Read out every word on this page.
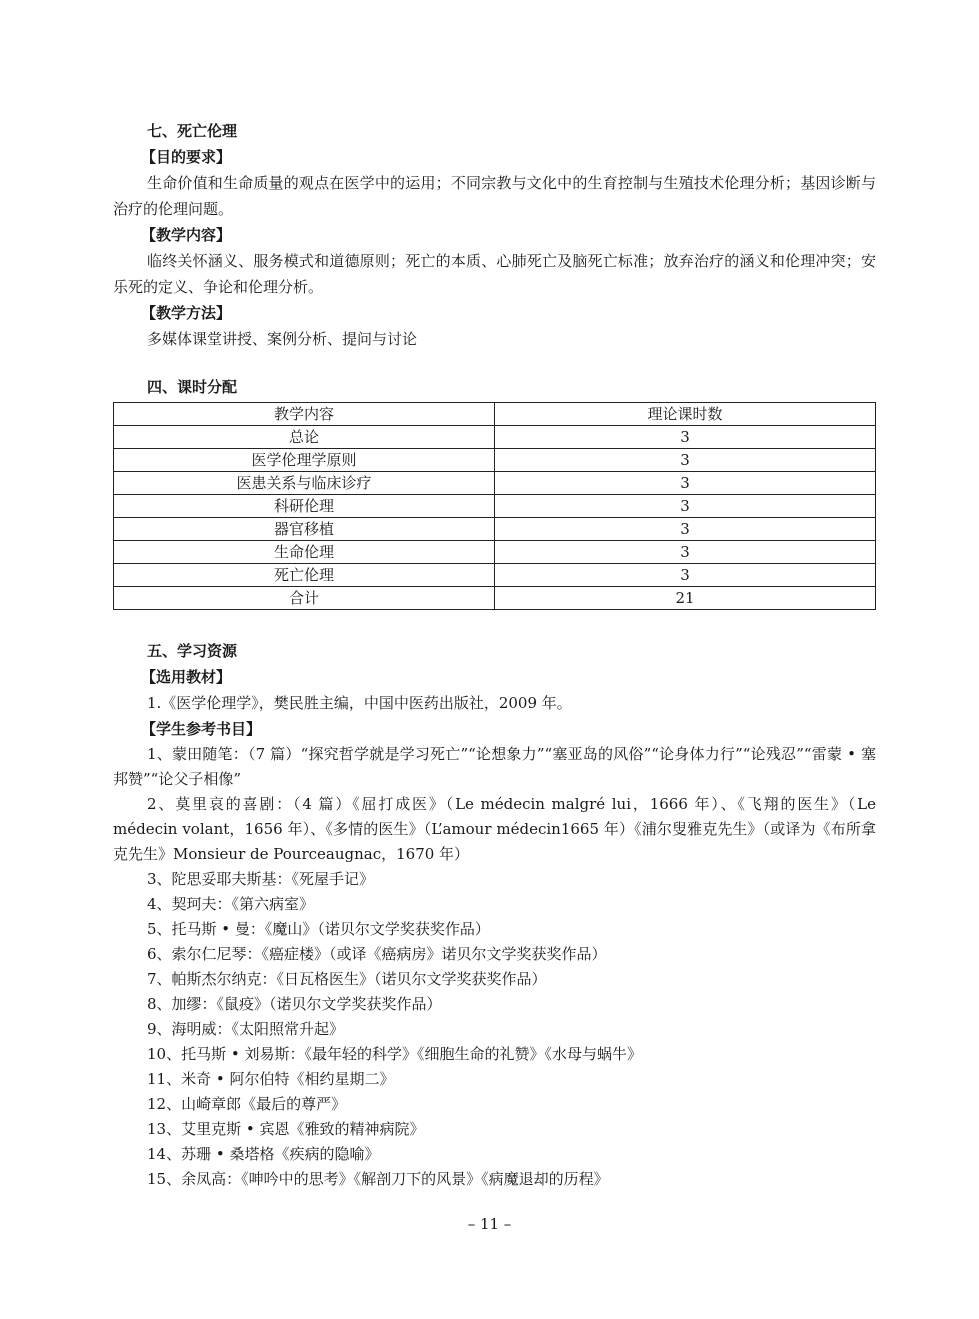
七、死亡伦理
【目的要求】
生命价值和生命质量的观点在医学中的运用；不同宗教与文化中的生育控制与生殖技术伦理分析；基因诊断与治疗的伦理问题。
【教学内容】
临终关怀涵义、服务模式和道德原则；死亡的本质、心肺死亡及脑死亡标准；放弃治疗的涵义和伦理冲突；安乐死的定义、争论和伦理分析。
【教学方法】
多媒体课堂讲授、案例分析、提问与讨论
四、课时分配
教学内容	理论课时数
总论	3
医学伦理学原则	3
医患关系与临床诊疗	3
科研伦理	3
器官移植	3
生命伦理	3
死亡伦理	3
合计	21
五、学习资源
【选用教材】
1.《医学伦理学》，樊民胜主编，中国中医药出版社，2009 年。
【学生参考书目】
1、蒙田随笔：（7 篇）“探究哲学就是学习死亡”“论想象力”“塞亚岛的风俗”“论身体力行”“论残忍”“雷蒙 • 塞邦赞”“论父子相像”
2、莫里哀的喜剧：（4 篇）《屈打成医》（Le médecin malgré lui，1666 年）、《飞翔的医生》（Le médecin volant，1656 年）、《多情的医生》（L’amour médecin1665 年）《浦尔叟雅克先生》（或译为《布所拿克先生》Monsieur de Pourceaugnac，1670 年）
3、陀思妥耶夫斯基：《死屋手记》
4、契珂夫：《第六病室》
5、托马斯 • 曼：《魔山》（诺贝尔文学奖获奖作品）
6、索尔仁尼琴：《癌症楼》（或译《癌病房》诺贝尔文学奖获奖作品）
7、帕斯杰尔纳克：《日瓦格医生》（诺贝尔文学奖获奖作品）
8、加缪：《鼠疫》（诺贝尔文学奖获奖作品）
9、海明威：《太阳照常升起》
10、托马斯 • 刘易斯：《最年轻的科学》《细胞生命的礼赞》《水母与蜗牛》
11、米奇 • 阿尔伯特《相约星期二》
12、山崎章郎《最后的尊严》
13、艾里克斯 • 宾恩《雅致的精神病院》
14、苏珊 • 桑塔格《疾病的隐喻》
15、余凤高：《呻吟中的思考》《解剖刀下的风景》《病魔退却的历程》
– 11 –
